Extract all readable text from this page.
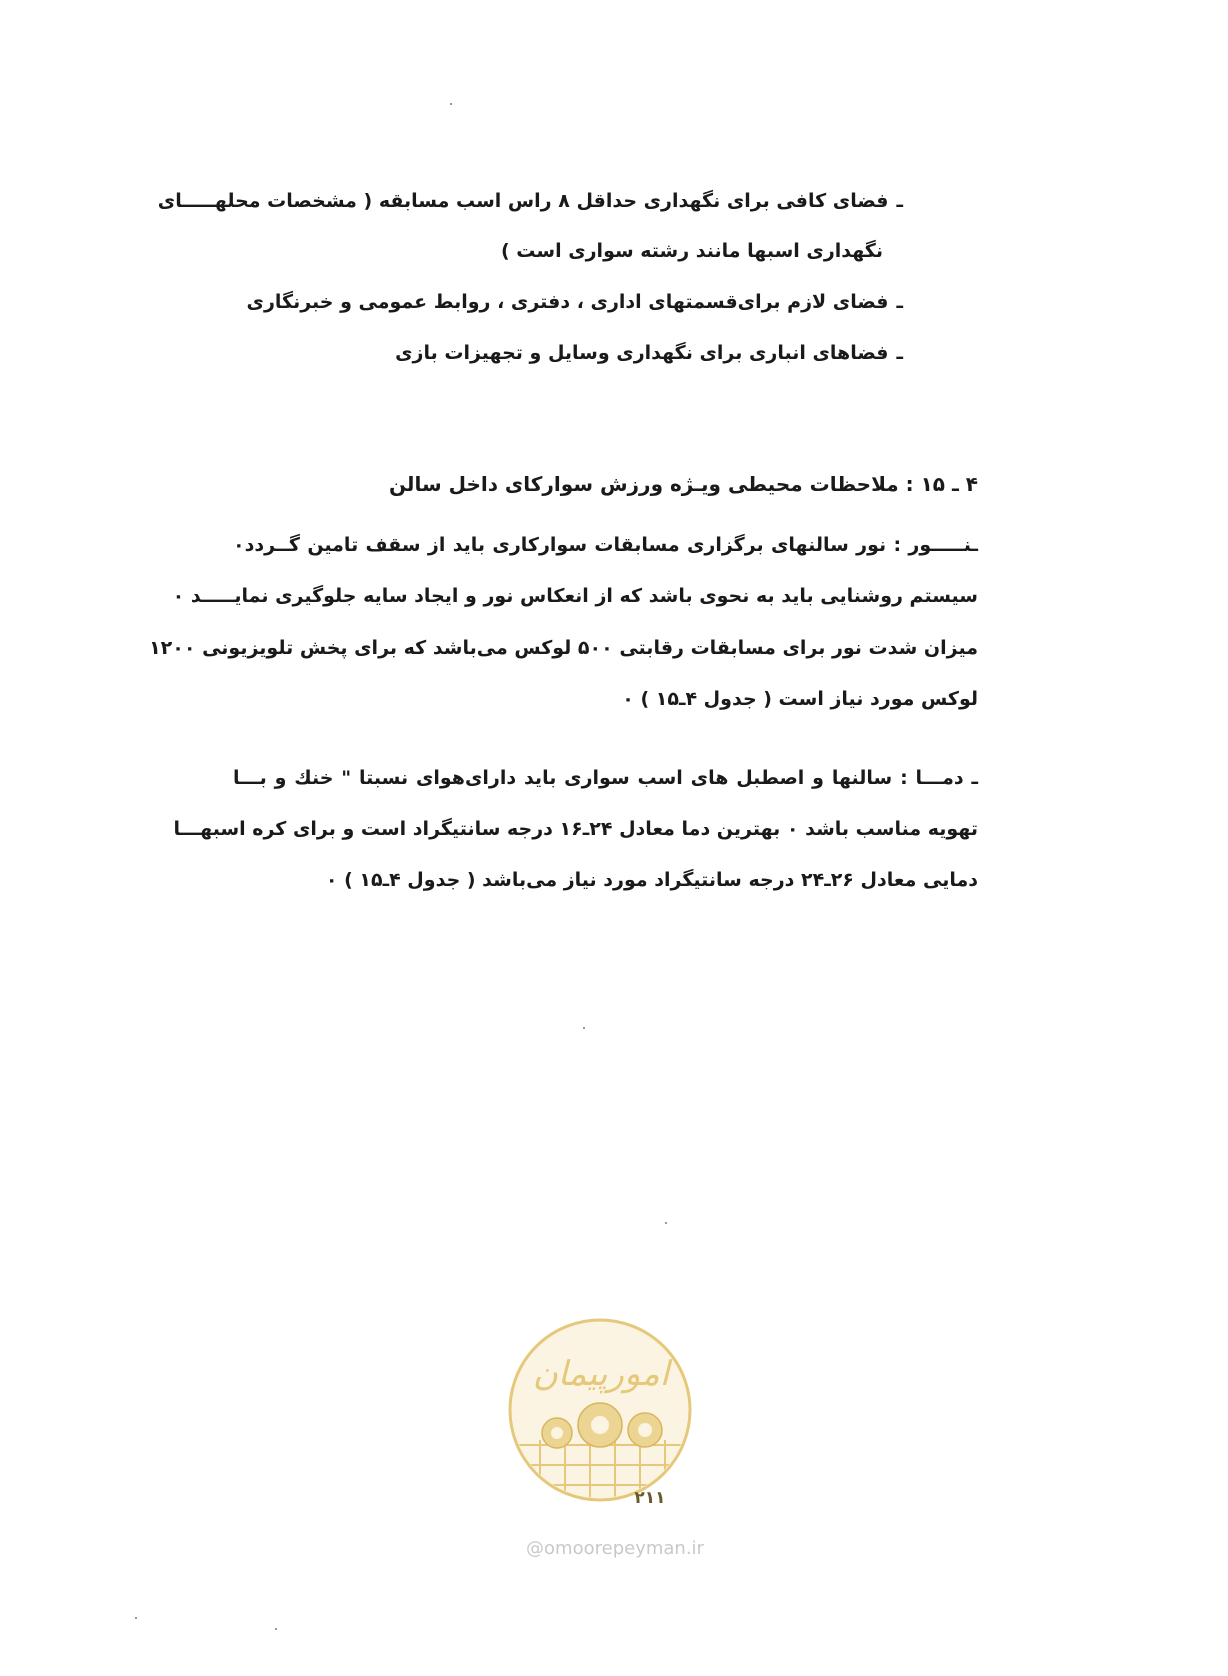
ـفضای کافی برای نگهداری حداقل ۸ راس اسب مسابقه ( مشخصات محلهـــــای
نگهداری اسبها مانند رشته سواری است )
ـفضای لازم برای‌قسمتهای اداری ، دفتری ، روابط عمومی و خبرنگاری
ـفضاهای انباری برای نگهداری وسایل و تجهیزات بازی
۴ ـ ۱۵ : ملاحظات محیطی ویـژه ورزش سوارکای داخل سالن
ـنـــــور : نور سالنهای برگزاری مسابقات سوارکاری باید از سقف تامین گــردد۰
سیستم روشنایی باید به نحوی باشد که از انعکاس نور و ایجاد سایه جلوگیری نمایـــــد ۰
میزان شدت نور برای مسابقات رقابتی ۵۰۰ لوکس می‌باشد که برای پخش تلویزیونی ۱۲۰۰
لوکس مورد نیاز است ( جدول ۴ـ۱۵ ) ۰
ـ دمـــا : سالنها و اصطبل های اسب سواری باید دارای‌هوای نسبتا " خنك و بـــا
تهویه مناسب باشد ۰ بهترین دما معادل ۲۴ـ۱۶ درجه سانتیگراد است و برای کره اسبهـــا
دمایی معادل ۲۶ـ۲۴ درجه سانتیگراد مورد نیاز می‌باشد ( جدول ۴ـ۱۵ ) ۰
امورپیمان
۲۱۱
@omoorepeyman.ir
